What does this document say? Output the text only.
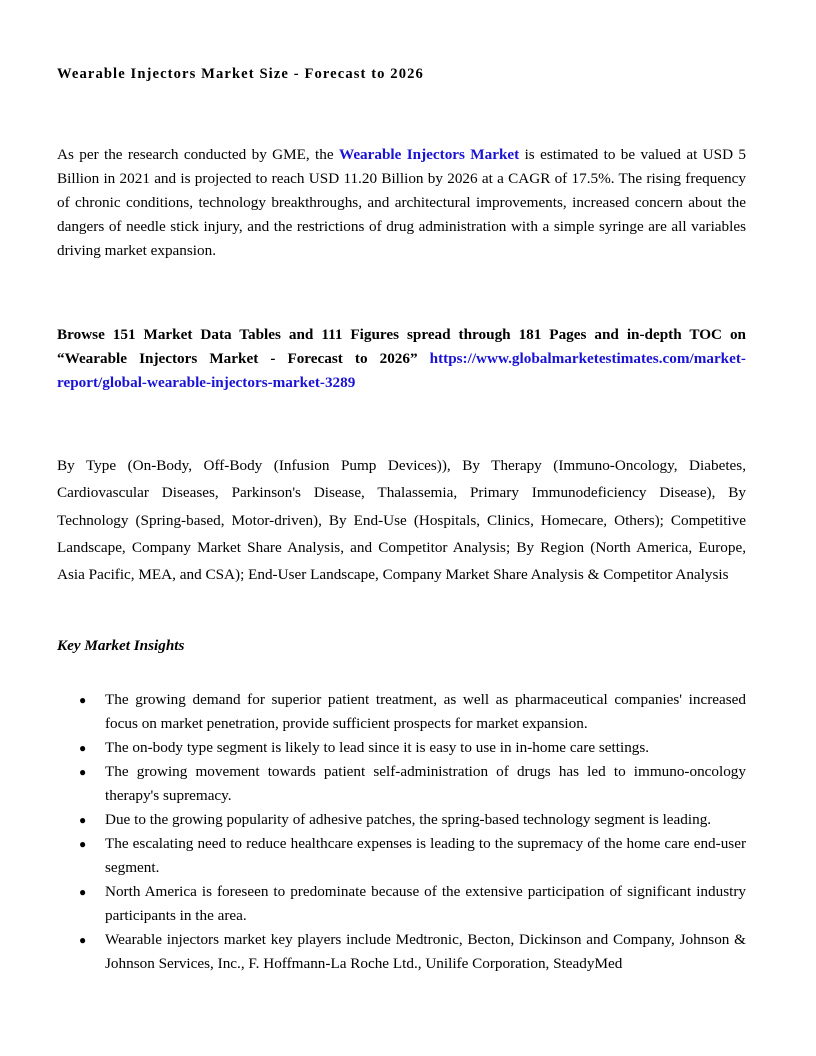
Wearable Injectors Market Size - Forecast to 2026

As per the research conducted by GME, the Wearable Injectors Market is estimated to be valued at USD 5 Billion in 2021 and is projected to reach USD 11.20 Billion by 2026 at a CAGR of 17.5%. The rising frequency of chronic conditions, technology breakthroughs, and architectural improvements, increased concern about the dangers of needle stick injury, and the restrictions of drug administration with a simple syringe are all variables driving market expansion.

Browse 151 Market Data Tables and 111 Figures spread through 181 Pages and in-depth TOC on “Wearable Injectors Market - Forecast to 2026” https://www.globalmarketestimates.com/market-report/global-wearable-injectors-market-3289

By Type (On-Body, Off-Body (Infusion Pump Devices)), By Therapy (Immuno-Oncology, Diabetes, Cardiovascular Diseases, Parkinson's Disease, Thalassemia, Primary Immunodeficiency Disease), By Technology (Spring-based, Motor-driven), By End-Use (Hospitals, Clinics, Homecare, Others); Competitive Landscape, Company Market Share Analysis, and Competitor Analysis; By Region (North America, Europe, Asia Pacific, MEA, and CSA); End-User Landscape, Company Market Share Analysis & Competitor Analysis

Key Market Insights

● The growing demand for superior patient treatment, as well as pharmaceutical companies' increased focus on market penetration, provide sufficient prospects for market expansion.
● The on-body type segment is likely to lead since it is easy to use in in-home care settings.
● The growing movement towards patient self-administration of drugs has led to immuno-oncology therapy's supremacy.
● Due to the growing popularity of adhesive patches, the spring-based technology segment is leading.
● The escalating need to reduce healthcare expenses is leading to the supremacy of the home care end-user segment.
● North America is foreseen to predominate because of the extensive participation of significant industry participants in the area.
● Wearable injectors market key players include Medtronic, Becton, Dickinson and Company, Johnson & Johnson Services, Inc., F. Hoffmann-La Roche Ltd., Unilife Corporation, SteadyMed
